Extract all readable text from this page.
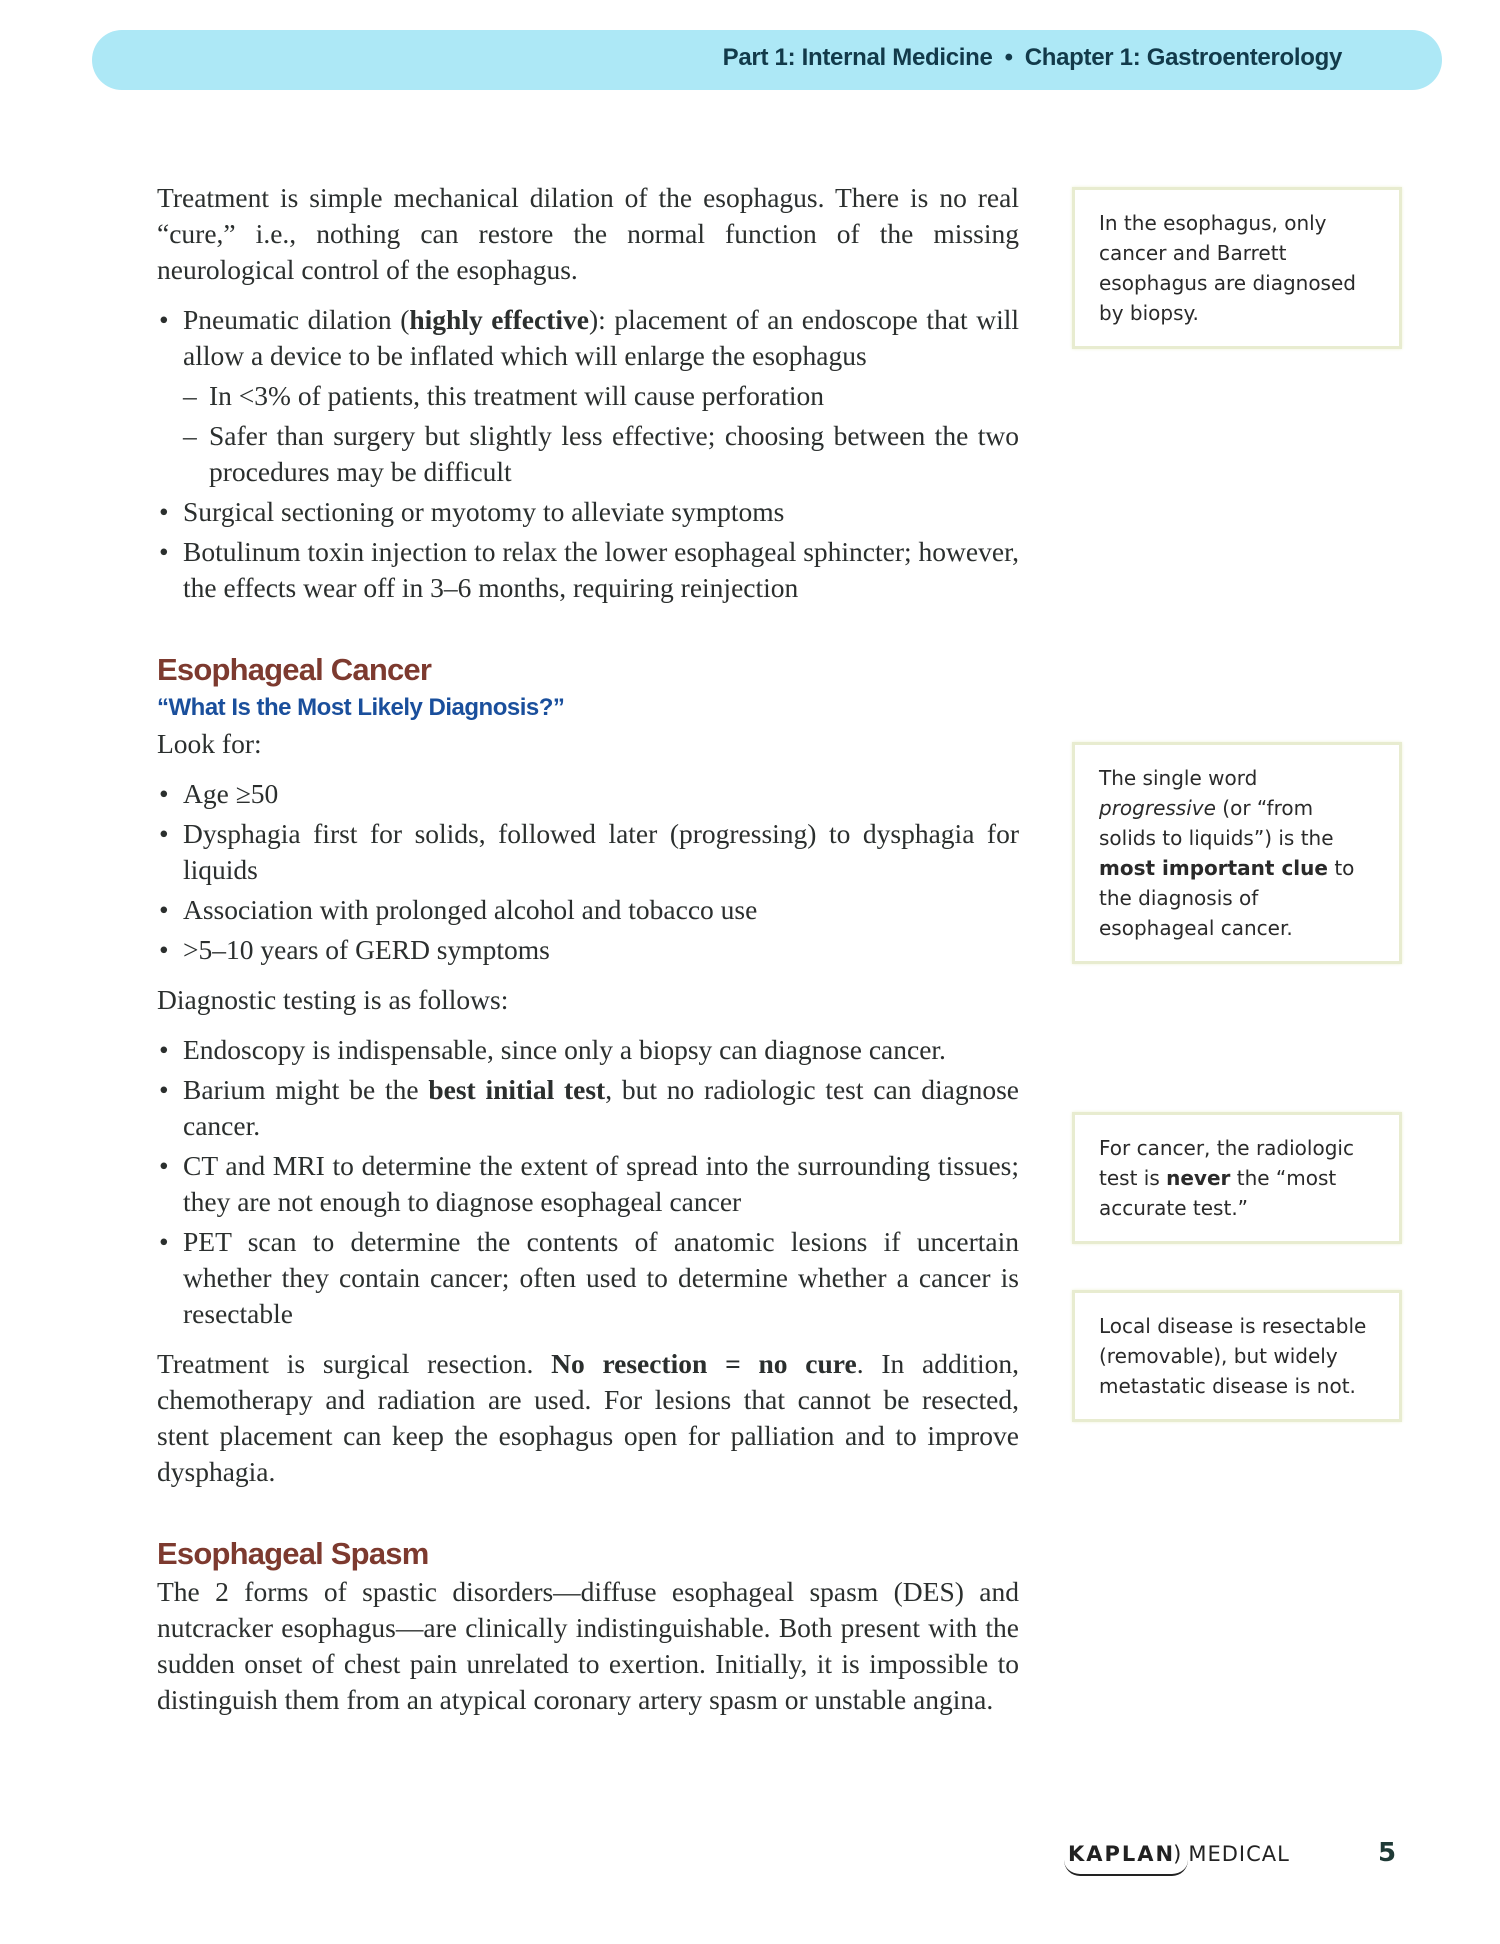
Part 1: Internal Medicine • Chapter 1: Gastroenterology

Treatment is simple mechanical dilation of the esophagus. There is no real “cure,” i.e., nothing can restore the normal function of the missing neurological control of the esophagus.

• Pneumatic dilation (highly effective): placement of an endoscope that will allow a device to be inflated which will enlarge the esophagus
– In <3% of patients, this treatment will cause perforation
– Safer than surgery but slightly less effective; choosing between the two procedures may be difficult
• Surgical sectioning or myotomy to alleviate symptoms
• Botulinum toxin injection to relax the lower esophageal sphincter; however, the effects wear off in 3–6 months, requiring reinjection
Esophageal Cancer
“What Is the Most Likely Diagnosis?”

Look for:

• Age ≥50
• Dysphagia first for solids, followed later (progressing) to dysphagia for liquids
• Association with prolonged alcohol and tobacco use
• >5–10 years of GERD symptoms

Diagnostic testing is as follows:

• Endoscopy is indispensable, since only a biopsy can diagnose cancer.
• Barium might be the best initial test, but no radiologic test can diagnose cancer.
• CT and MRI to determine the extent of spread into the surrounding tissues; they are not enough to diagnose esophageal cancer
• PET scan to determine the contents of anatomic lesions if uncertain whether they contain cancer; often used to determine whether a cancer is resectable

Treatment is surgical resection. No resection = no cure. In addition, chemotherapy and radiation are used. For lesions that cannot be resected, stent placement can keep the esophagus open for palliation and to improve dysphagia.

Esophageal Spasm

The 2 forms of spastic disorders—diffuse esophageal spasm (DES) and nutcracker esophagus—are clinically indistinguishable. Both present with the sudden onset of chest pain unrelated to exertion. Initially, it is impossible to distinguish them from an atypical coronary artery spasm or unstable angina.

In the esophagus, only cancer and Barrett esophagus are diagnosed by biopsy.
The single word progressive (or “from solids to liquids”) is the most important clue to the diagnosis of esophageal cancer.
For cancer, the radiologic test is never the “most accurate test.”
Local disease is resectable (removable), but widely metastatic disease is not.
KAPLAN) MEDICAL	5
